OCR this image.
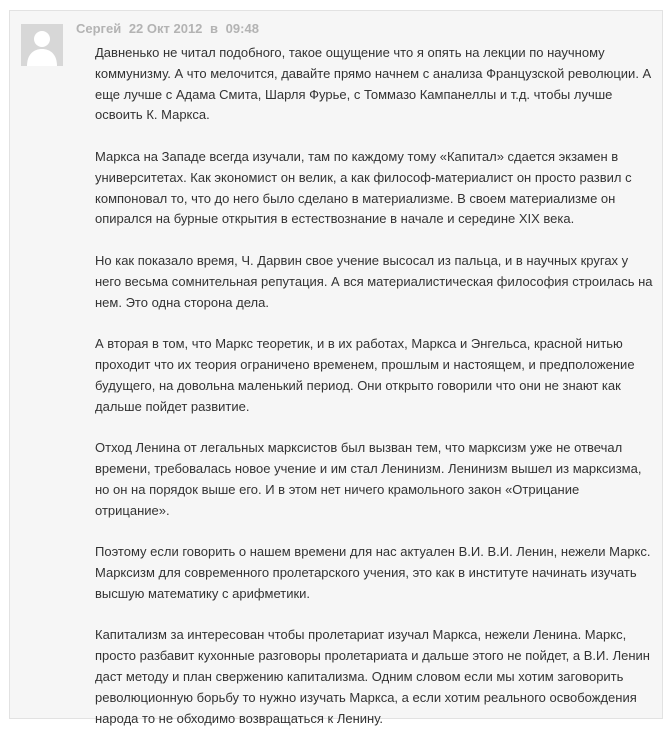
Сергей 22 Окт 2012 в 09:48

Давненько не читал подобного, такое ощущение что я опять на лекции по научному коммунизму. А что мелочится, давайте прямо начнем с анализа Французской революции. А еще лучше с Адама Смита, Шарля Фурье, с Томмазо Кампанеллы и т.д. чтобы лучше освоить К. Маркса.

Маркса на Западе всегда изучали, там по каждому тому «Капитал» сдается экзамен в университетах. Как экономист он велик, а как философ-материалист он просто развил с компоновал то, что до него было сделано в материализме. В своем материализме он опирался на бурные открытия в естествознание в начале и середине XIX века.

Но как показало время, Ч. Дарвин свое учение высосал из пальца, и в научных кругах у него весьма сомнительная репутация. А вся материалистическая философия строилась на нем. Это одна сторона дела.

А вторая в том, что Маркс теоретик, и в их работах, Маркса и Энгельса, красной нитью проходит что их теория ограничено временем, прошлым и настоящем, и предположение будущего, на довольна маленький период. Они открыто говорили что они не знают как дальше пойдет развитие.

Отход Ленина от легальных марксистов был вызван тем, что марксизм уже не отвечал времени, требовалась новое учение и им стал Ленинизм. Ленинизм вышел из марксизма, но он на порядок выше его. И в этом нет ничего крамольного закон «Отрицание отрицание».

Поэтому если говорить о нашем времени для нас актуален В.И. В.И. Ленин, нежели Маркс. Марксизм для современного пролетарского учения, это как в институте начинать изучать высшую математику с арифметики.

Капитализм за интересован чтобы пролетариат изучал Маркса, нежели Ленина. Маркс, просто разбавит кухонные разговоры пролетариата и дальше этого не пойдет, а В.И. Ленин даст методу и план свержению капитализма. Одним словом если мы хотим заговорить революционную борьбу то нужно изучать Маркса, а если хотим реального освобождения народа то не обходимо возвращаться к Ленину.
